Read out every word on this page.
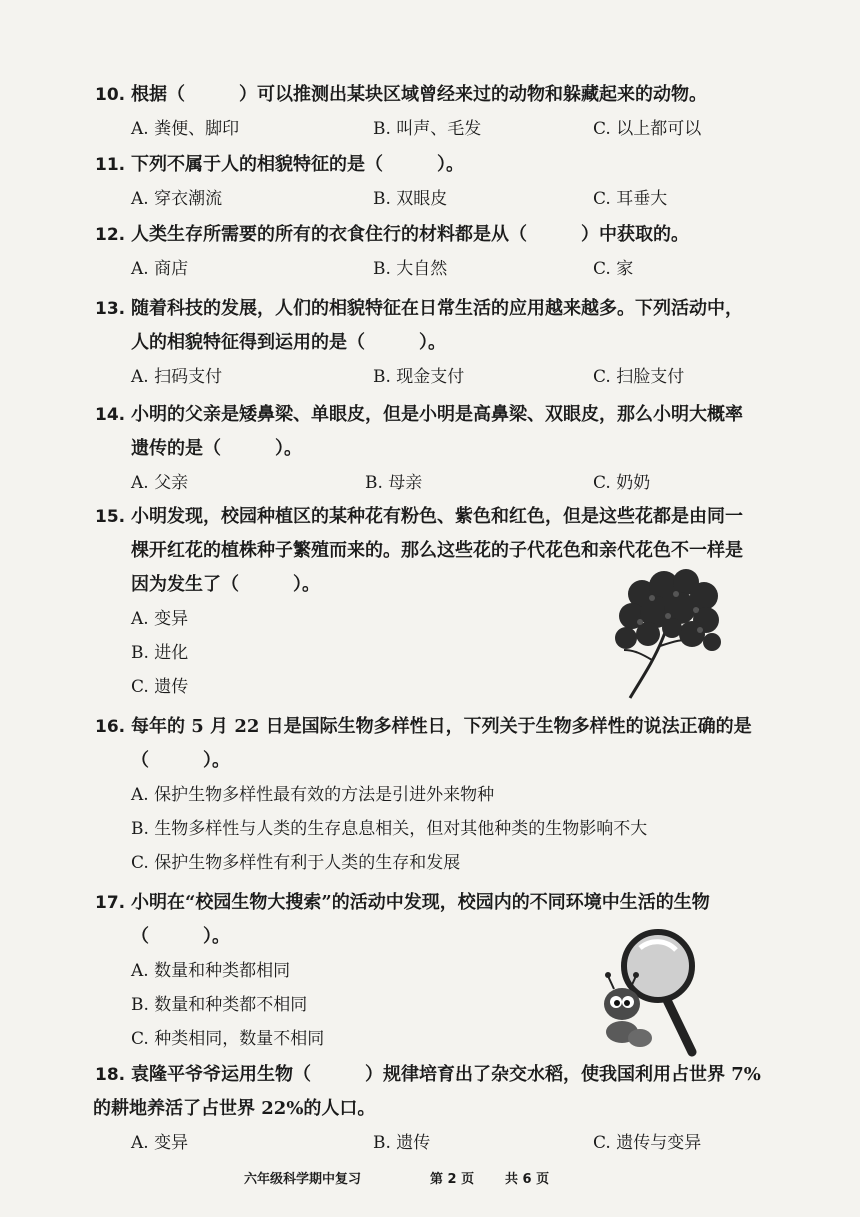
10. 根据（　　　）可以推测出某块区域曾经来过的动物和躲藏起来的动物。
A. 粪便、脚印	B. 叫声、毛发	C. 以上都可以
11. 下列不属于人的相貌特征的是（　　　）。
A. 穿衣潮流	B. 双眼皮	C. 耳垂大
12. 人类生存所需要的所有的衣食住行的材料都是从（　　　）中获取的。
A. 商店	B. 大自然	C. 家
13. 随着科技的发展，人们的相貌特征在日常生活的应用越来越多。下列活动中，
人的相貌特征得到运用的是（　　　）。
A. 扫码支付	B. 现金支付	C. 扫脸支付
14. 小明的父亲是矮鼻梁、单眼皮，但是小明是高鼻梁、双眼皮，那么小明大概率
遗传的是（　　　）。
A. 父亲	B. 母亲	C. 奶奶
15. 小明发现，校园种植区的某种花有粉色、紫色和红色，但是这些花都是由同一
棵开红花的植株种子繁殖而来的。那么这些花的子代花色和亲代花色不一样是
因为发生了（　　　）。
A. 变异
B. 进化
C. 遗传
16. 每年的 5 月 22 日是国际生物多样性日，下列关于生物多样性的说法正确的是
（　　　）。
A. 保护生物多样性最有效的方法是引进外来物种
B. 生物多样性与人类的生存息息相关，但对其他种类的生物影响不大
C. 保护生物多样性有利于人类的生存和发展
17. 小明在“校园生物大搜索”的活动中发现，校园内的不同环境中生活的生物
（　　　）。
A. 数量和种类都相同
B. 数量和种类都不相同
C. 种类相同，数量不相同
18. 袁隆平爷爷运用生物（　　　）规律培育出了杂交水稻，使我国利用占世界 7%
的耕地养活了占世界 22%的人口。
A. 变异	B. 遗传	C. 遗传与变异
六年级科学期中复习	第 2 页 共 6 页
